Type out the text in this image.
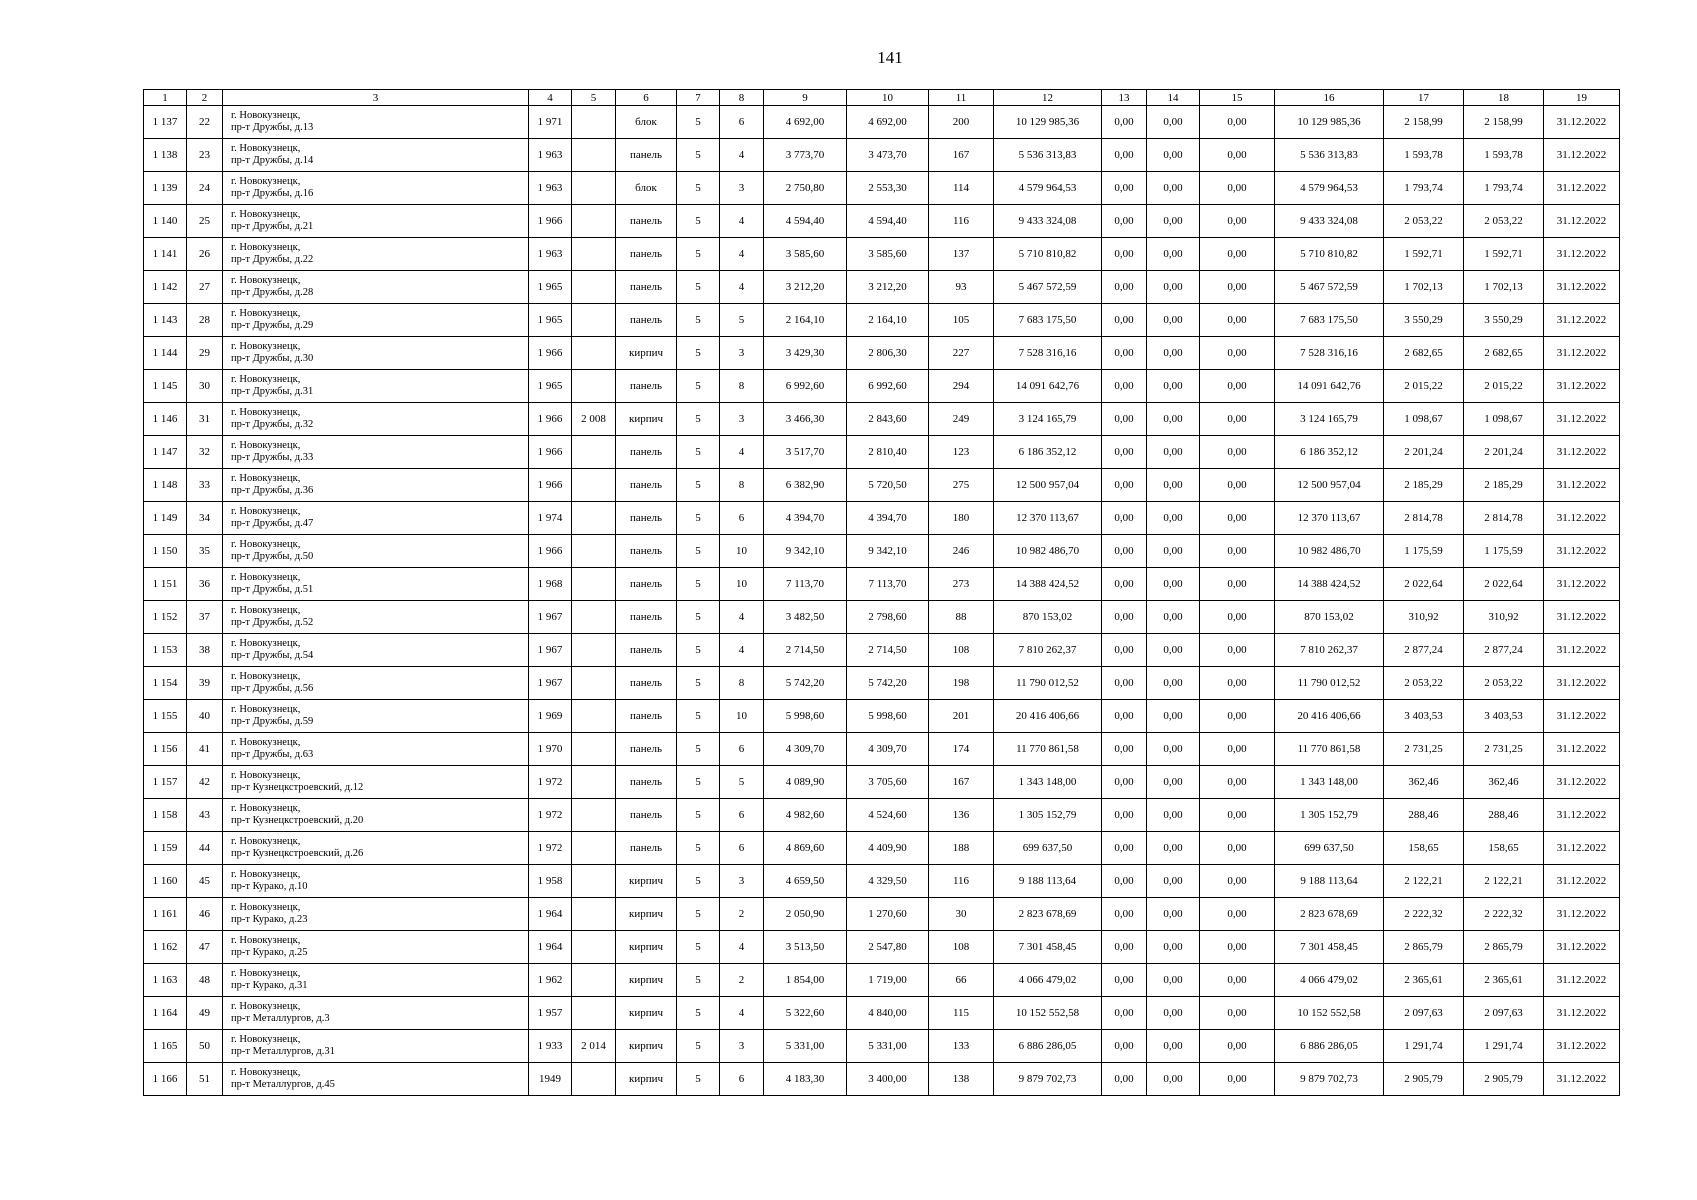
141
1	2	3	4	5	6	7	8	9	10	11	12	13	14	15	16	17	18	19
1 137	22	г. Новокузнецк,
пр-т Дружбы, д.13	1 971		блок	5	6	4 692,00	4 692,00	200	10 129 985,36	0,00	0,00	0,00	10 129 985,36	2 158,99	2 158,99	31.12.2022
1 138	23	г. Новокузнецк,
пр-т Дружбы, д.14	1 963		панель	5	4	3 773,70	3 473,70	167	5 536 313,83	0,00	0,00	0,00	5 536 313,83	1 593,78	1 593,78	31.12.2022
1 139	24	г. Новокузнецк,
пр-т Дружбы, д.16	1 963		блок	5	3	2 750,80	2 553,30	114	4 579 964,53	0,00	0,00	0,00	4 579 964,53	1 793,74	1 793,74	31.12.2022
1 140	25	г. Новокузнецк,
пр-т Дружбы, д.21	1 966		панель	5	4	4 594,40	4 594,40	116	9 433 324,08	0,00	0,00	0,00	9 433 324,08	2 053,22	2 053,22	31.12.2022
1 141	26	г. Новокузнецк,
пр-т Дружбы, д.22	1 963		панель	5	4	3 585,60	3 585,60	137	5 710 810,82	0,00	0,00	0,00	5 710 810,82	1 592,71	1 592,71	31.12.2022
1 142	27	г. Новокузнецк,
пр-т Дружбы, д.28	1 965		панель	5	4	3 212,20	3 212,20	93	5 467 572,59	0,00	0,00	0,00	5 467 572,59	1 702,13	1 702,13	31.12.2022
1 143	28	г. Новокузнецк,
пр-т Дружбы, д.29	1 965		панель	5	5	2 164,10	2 164,10	105	7 683 175,50	0,00	0,00	0,00	7 683 175,50	3 550,29	3 550,29	31.12.2022
1 144	29	г. Новокузнецк,
пр-т Дружбы, д.30	1 966		кирпич	5	3	3 429,30	2 806,30	227	7 528 316,16	0,00	0,00	0,00	7 528 316,16	2 682,65	2 682,65	31.12.2022
1 145	30	г. Новокузнецк,
пр-т Дружбы, д.31	1 965		панель	5	8	6 992,60	6 992,60	294	14 091 642,76	0,00	0,00	0,00	14 091 642,76	2 015,22	2 015,22	31.12.2022
1 146	31	г. Новокузнецк,
пр-т Дружбы, д.32	1 966	2 008	кирпич	5	3	3 466,30	2 843,60	249	3 124 165,79	0,00	0,00	0,00	3 124 165,79	1 098,67	1 098,67	31.12.2022
1 147	32	г. Новокузнецк,
пр-т Дружбы, д.33	1 966		панель	5	4	3 517,70	2 810,40	123	6 186 352,12	0,00	0,00	0,00	6 186 352,12	2 201,24	2 201,24	31.12.2022
1 148	33	г. Новокузнецк,
пр-т Дружбы, д.36	1 966		панель	5	8	6 382,90	5 720,50	275	12 500 957,04	0,00	0,00	0,00	12 500 957,04	2 185,29	2 185,29	31.12.2022
1 149	34	г. Новокузнецк,
пр-т Дружбы, д.47	1 974		панель	5	6	4 394,70	4 394,70	180	12 370 113,67	0,00	0,00	0,00	12 370 113,67	2 814,78	2 814,78	31.12.2022
1 150	35	г. Новокузнецк,
пр-т Дружбы, д.50	1 966		панель	5	10	9 342,10	9 342,10	246	10 982 486,70	0,00	0,00	0,00	10 982 486,70	1 175,59	1 175,59	31.12.2022
1 151	36	г. Новокузнецк,
пр-т Дружбы, д.51	1 968		панель	5	10	7 113,70	7 113,70	273	14 388 424,52	0,00	0,00	0,00	14 388 424,52	2 022,64	2 022,64	31.12.2022
1 152	37	г. Новокузнецк,
пр-т Дружбы, д.52	1 967		панель	5	4	3 482,50	2 798,60	88	870 153,02	0,00	0,00	0,00	870 153,02	310,92	310,92	31.12.2022
1 153	38	г. Новокузнецк,
пр-т Дружбы, д.54	1 967		панель	5	4	2 714,50	2 714,50	108	7 810 262,37	0,00	0,00	0,00	7 810 262,37	2 877,24	2 877,24	31.12.2022
1 154	39	г. Новокузнецк,
пр-т Дружбы, д.56	1 967		панель	5	8	5 742,20	5 742,20	198	11 790 012,52	0,00	0,00	0,00	11 790 012,52	2 053,22	2 053,22	31.12.2022
1 155	40	г. Новокузнецк,
пр-т Дружбы, д.59	1 969		панель	5	10	5 998,60	5 998,60	201	20 416 406,66	0,00	0,00	0,00	20 416 406,66	3 403,53	3 403,53	31.12.2022
1 156	41	г. Новокузнецк,
пр-т Дружбы, д.63	1 970		панель	5	6	4 309,70	4 309,70	174	11 770 861,58	0,00	0,00	0,00	11 770 861,58	2 731,25	2 731,25	31.12.2022
1 157	42	г. Новокузнецк,
пр-т Кузнецкстроевский, д.12	1 972		панель	5	5	4 089,90	3 705,60	167	1 343 148,00	0,00	0,00	0,00	1 343 148,00	362,46	362,46	31.12.2022
1 158	43	г. Новокузнецк,
пр-т Кузнецкстроевский, д.20	1 972		панель	5	6	4 982,60	4 524,60	136	1 305 152,79	0,00	0,00	0,00	1 305 152,79	288,46	288,46	31.12.2022
1 159	44	г. Новокузнецк,
пр-т Кузнецкстроевский, д.26	1 972		панель	5	6	4 869,60	4 409,90	188	699 637,50	0,00	0,00	0,00	699 637,50	158,65	158,65	31.12.2022
1 160	45	г. Новокузнецк,
пр-т Курако, д.10	1 958		кирпич	5	3	4 659,50	4 329,50	116	9 188 113,64	0,00	0,00	0,00	9 188 113,64	2 122,21	2 122,21	31.12.2022
1 161	46	г. Новокузнецк,
пр-т Курако, д.23	1 964		кирпич	5	2	2 050,90	1 270,60	30	2 823 678,69	0,00	0,00	0,00	2 823 678,69	2 222,32	2 222,32	31.12.2022
1 162	47	г. Новокузнецк,
пр-т Курако, д.25	1 964		кирпич	5	4	3 513,50	2 547,80	108	7 301 458,45	0,00	0,00	0,00	7 301 458,45	2 865,79	2 865,79	31.12.2022
1 163	48	г. Новокузнецк,
пр-т Курако, д.31	1 962		кирпич	5	2	1 854,00	1 719,00	66	4 066 479,02	0,00	0,00	0,00	4 066 479,02	2 365,61	2 365,61	31.12.2022
1 164	49	г. Новокузнецк,
пр-т Металлургов, д.3	1 957		кирпич	5	4	5 322,60	4 840,00	115	10 152 552,58	0,00	0,00	0,00	10 152 552,58	2 097,63	2 097,63	31.12.2022
1 165	50	г. Новокузнецк,
пр-т Металлургов, д.31	1 933	2 014	кирпич	5	3	5 331,00	5 331,00	133	6 886 286,05	0,00	0,00	0,00	6 886 286,05	1 291,74	1 291,74	31.12.2022
1 166	51	г. Новокузнецк,
пр-т Металлургов, д.45	1949		кирпич	5	6	4 183,30	3 400,00	138	9 879 702,73	0,00	0,00	0,00	9 879 702,73	2 905,79	2 905,79	31.12.2022
